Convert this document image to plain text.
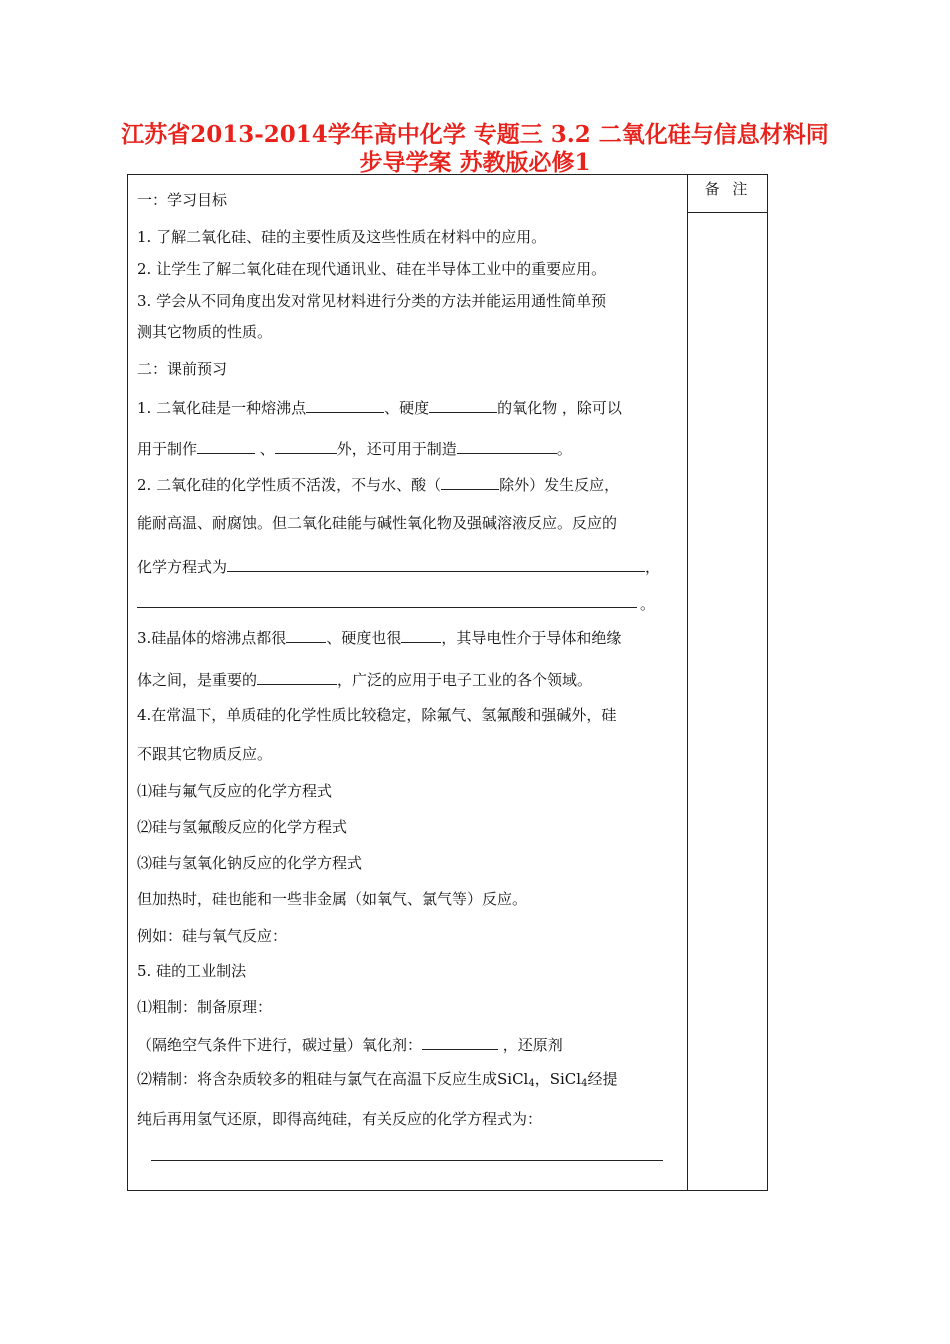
江苏省2013-2014学年高中化学 专题三 3.2 二氧化硅与信息材料同
步导学案 苏教版必修1
备 注
一：学习目标
1. 了解二氧化硅、硅的主要性质及这些性质在材料中的应用。
2. 让学生了解二氧化硅在现代通讯业、硅在半导体工业中的重要应用。
3. 学会从不同角度出发对常见材料进行分类的方法并能运用通性简单预
测其它物质的性质。
二：课前预习
1. 二氧化硅是一种熔沸点	、硬度	的氧化物 ，除可以
用于制作	、	外，还可用于制造	。
2. 二氧化硅的化学性质不活泼，不与水、酸（	除外）发生反应，
能耐高温、耐腐蚀。但二氧化硅能与碱性氧化物及强碱溶液反应。反应的
化学方程式为	，
。
3.硅晶体的熔沸点都很	、硬度也很	，其导电性介于导体和绝缘
体之间，是重要的	，广泛的应用于电子工业的各个领域。
4.在常温下，单质硅的化学性质比较稳定，除氟气、氢氟酸和强碱外，硅
不跟其它物质反应。
⑴硅与氟气反应的化学方程式
⑵硅与氢氟酸反应的化学方程式
⑶硅与氢氧化钠反应的化学方程式
但加热时，硅也能和一些非金属（如氧气、氯气等）反应。
例如：硅与氧气反应：
5. 硅的工业制法
⑴粗制：制备原理：
（隔绝空气条件下进行，碳过量）氧化剂：	，还原剂
⑵精制：将含杂质较多的粗硅与氯气在高温下反应生成SiCl$_4$，SiCl$_4$经提
纯后再用氢气还原，即得高纯硅，有关反应的化学方程式为：
